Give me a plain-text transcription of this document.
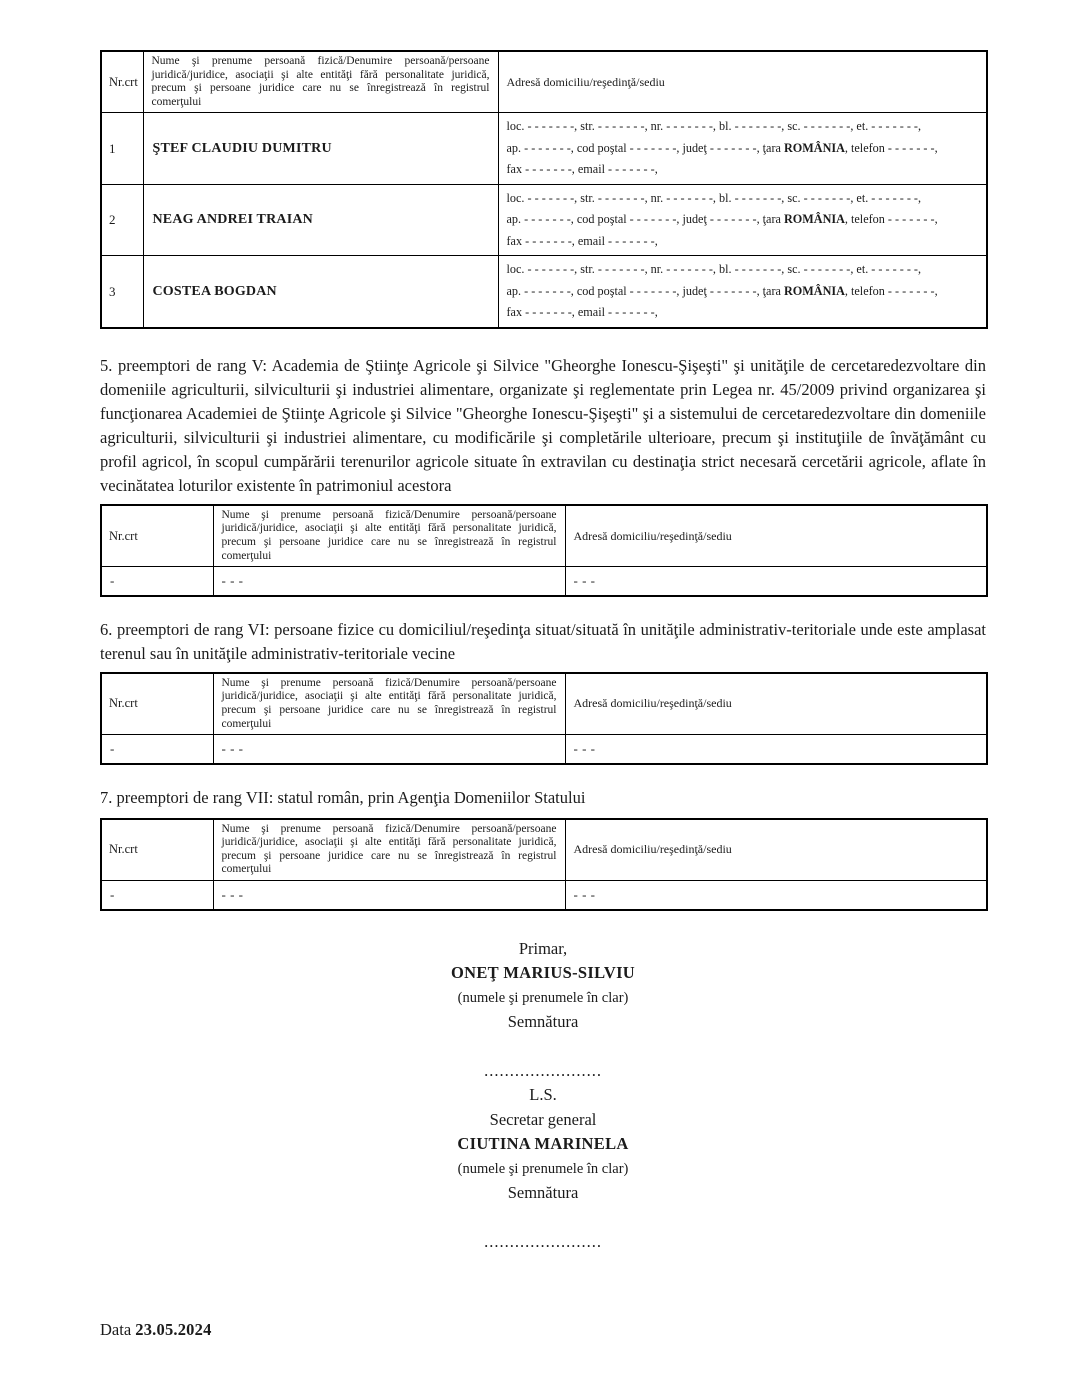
Nr.crt	Nume şi prenume persoană fizică/Denumire persoană/persoane juridică/juridice, asociaţii şi alte entităţi fără personalitate juridică, precum şi persoane juridice care nu se înregistrează în registrul comerţului	Adresă domiciliu/reşedinţă/sediu
1	ŞTEF CLAUDIU DUMITRU	loc. - - - - - - -, str. - - - - - - -, nr. - - - - - - -, bl. - - - - - - -, sc. - - - - - - -, et. - - - - - - -,
ap. - - - - - - -, cod poştal - - - - - - -, judeţ - - - - - - -, ţara ROMÂNIA, telefon - - - - - - -,
fax - - - - - - -, email - - - - - - -,

2	NEAG ANDREI TRAIAN	loc. - - - - - - -, str. - - - - - - -, nr. - - - - - - -, bl. - - - - - - -, sc. - - - - - - -, et. - - - - - - -,
ap. - - - - - - -, cod poştal - - - - - - -, judeţ - - - - - - -, ţara ROMÂNIA, telefon - - - - - - -,
fax - - - - - - -, email - - - - - - -,

3	COSTEA BOGDAN	loc. - - - - - - -, str. - - - - - - -, nr. - - - - - - -, bl. - - - - - - -, sc. - - - - - - -, et. - - - - - - -,
ap. - - - - - - -, cod poştal - - - - - - -, judeţ - - - - - - -, ţara ROMÂNIA, telefon - - - - - - -,
fax - - - - - - -, email - - - - - - -,

5. preemptori de rang V: Academia de Ştiinţe Agricole şi Silvice "Gheorghe Ionescu-Şişeşti" şi unităţile de cercetaredezvoltare din domeniile agriculturii, silviculturii şi industriei alimentare, organizate şi reglementate prin Legea nr. 45/2009 privind organizarea şi funcţionarea Academiei de Ştiinţe Agricole şi Silvice "Gheorghe Ionescu-Şişeşti" şi a sistemului de cercetaredezvoltare din domeniile agriculturii, silviculturii şi industriei alimentare, cu modificările şi completările ulterioare, precum şi instituţiile de învăţământ cu profil agricol, în scopul cumpărării terenurilor agricole situate în extravilan cu destinaţia strict necesară cercetării agricole, aflate în vecinătatea loturilor existente în patrimoniul acestora

Nr.crt	Nume şi prenume persoană fizică/Denumire persoană/persoane juridică/juridice, asociaţii şi alte entităţi fără personalitate juridică, precum şi persoane juridice care nu se înregistrează în registrul comerţului	Adresă domiciliu/reşedinţă/sediu
-	- - -	- - -

6. preemptori de rang VI: persoane fizice cu domiciliul/reşedinţa situat/situată în unităţile administrativ-teritoriale unde este amplasat terenul sau în unităţile administrativ-teritoriale vecine

Nr.crt	Nume şi prenume persoană fizică/Denumire persoană/persoane juridică/juridice, asociaţii şi alte entităţi fără personalitate juridică, precum şi persoane juridice care nu se înregistrează în registrul comerţului	Adresă domiciliu/reşedinţă/sediu
-	- - -	- - -

7. preemptori de rang VII: statul român, prin Agenţia Domeniilor Statului

Nr.crt	Nume şi prenume persoană fizică/Denumire persoană/persoane juridică/juridice, asociaţii şi alte entităţi fără personalitate juridică, precum şi persoane juridice care nu se înregistrează în registrul comerţului	Adresă domiciliu/reşedinţă/sediu
-	- - -	- - -
Primar,
ONEŢ MARIUS-SILVIU
(numele şi prenumele în clar)
Semnătura
.......................
L.S.
Secretar general
CIUTINA MARINELA
(numele şi prenumele în clar)
Semnătura
.......................
Data 23.05.2024
